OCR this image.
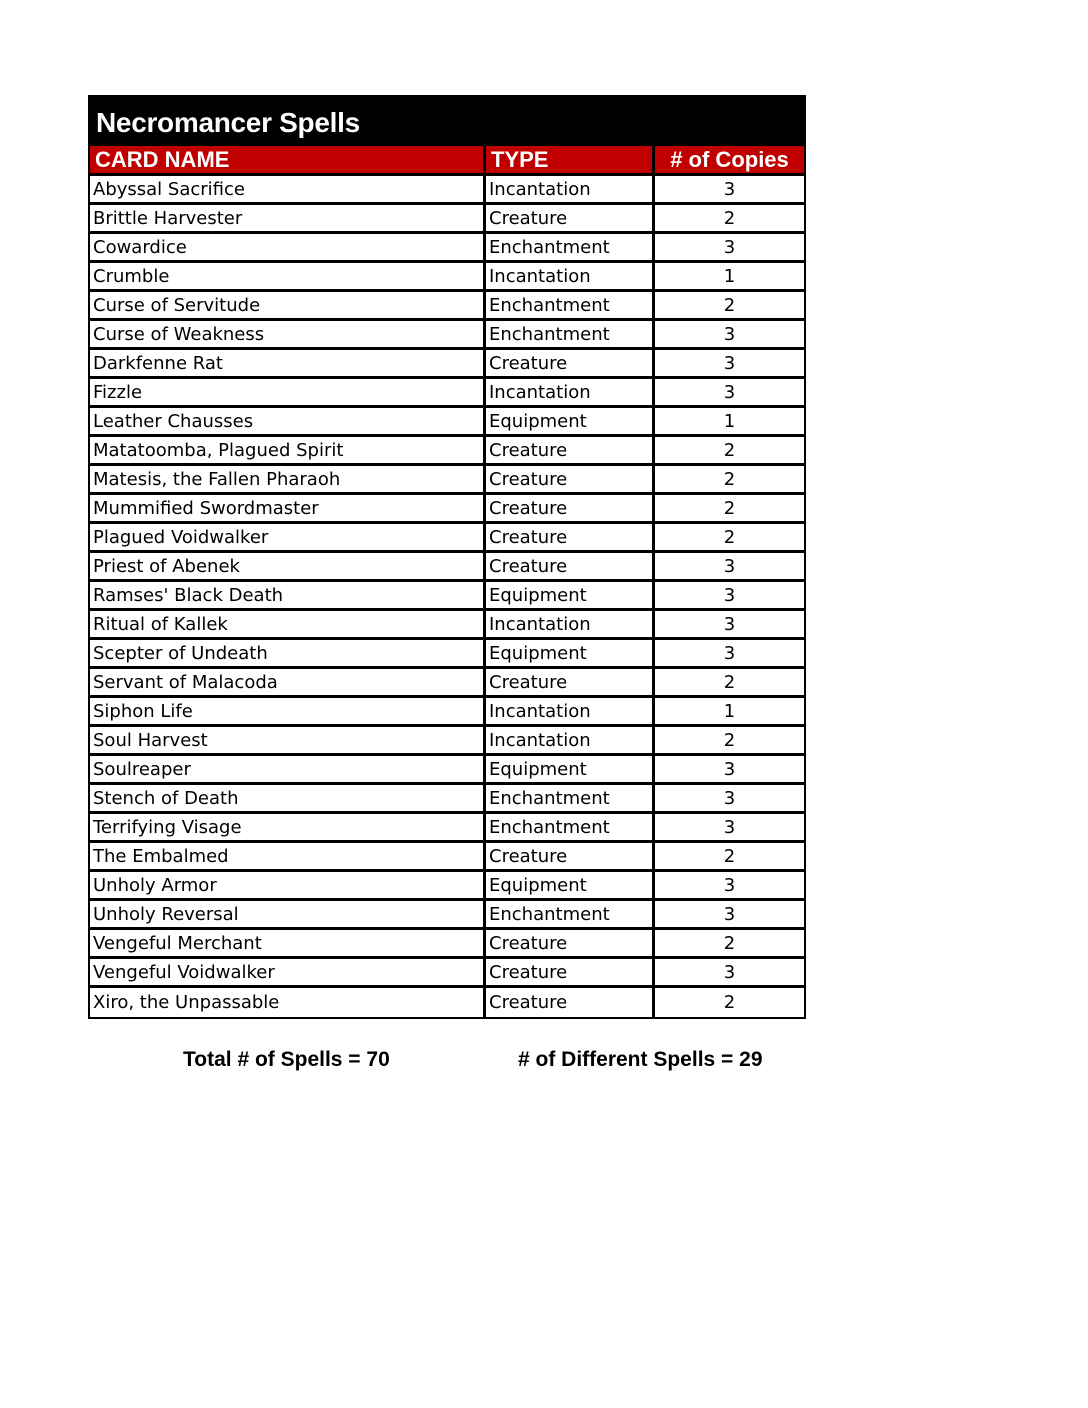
Necromancer Spells
CARD NAME	TYPE	# of Copies
Abyssal Sacrifice	Incantation	3
Brittle Harvester	Creature	2
Cowardice	Enchantment	3
Crumble	Incantation	1
Curse of Servitude	Enchantment	2
Curse of Weakness	Enchantment	3
Darkfenne Rat	Creature	3
Fizzle	Incantation	3
Leather Chausses	Equipment	1
Matatoomba, Plagued Spirit	Creature	2
Matesis, the Fallen Pharaoh	Creature	2
Mummified Swordmaster	Creature	2
Plagued Voidwalker	Creature	2
Priest of Abenek	Creature	3
Ramses' Black Death	Equipment	3
Ritual of Kallek	Incantation	3
Scepter of Undeath	Equipment	3
Servant of Malacoda	Creature	2
Siphon Life	Incantation	1
Soul Harvest	Incantation	2
Soulreaper	Equipment	3
Stench of Death	Enchantment	3
Terrifying Visage	Enchantment	3
The Embalmed	Creature	2
Unholy Armor	Equipment	3
Unholy Reversal	Enchantment	3
Vengeful Merchant	Creature	2
Vengeful Voidwalker	Creature	3
Xiro, the Unpassable	Creature	2
Total # of Spells = 70	# of Different Spells = 29
